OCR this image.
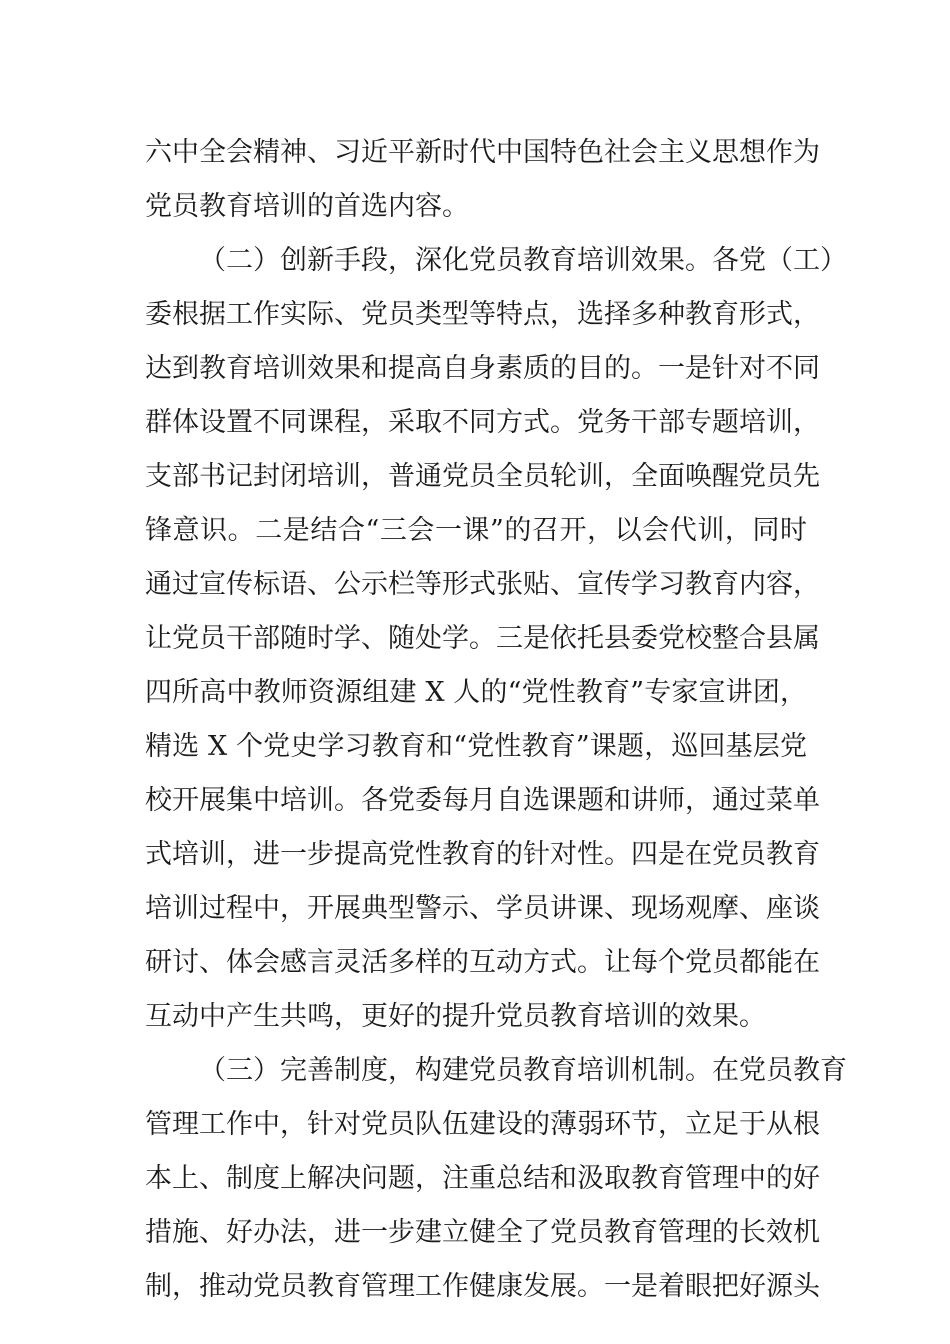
六中全会精神、习近平新时代中国特色社会主义思想作为
党员教育培训的首选内容。
（二）创新手段，深化党员教育培训效果。各党（工）
委根据工作实际、党员类型等特点，选择多种教育形式，
达到教育培训效果和提高自身素质的目的。一是针对不同
群体设置不同课程，采取不同方式。党务干部专题培训，
支部书记封闭培训，普通党员全员轮训，全面唤醒党员先
锋意识。二是结合“三会一课”的召开，以会代训，同时
通过宣传标语、公示栏等形式张贴、宣传学习教育内容，
让党员干部随时学、随处学。三是依托县委党校整合县属
四所高中教师资源组建 X 人的“党性教育”专家宣讲团，
精选 X 个党史学习教育和“党性教育”课题，巡回基层党
校开展集中培训。各党委每月自选课题和讲师，通过菜单
式培训，进一步提高党性教育的针对性。四是在党员教育
培训过程中，开展典型警示、学员讲课、现场观摩、座谈
研讨、体会感言灵活多样的互动方式。让每个党员都能在
互动中产生共鸣，更好的提升党员教育培训的效果。
（三）完善制度，构建党员教育培训机制。在党员教育
管理工作中，针对党员队伍建设的薄弱环节，立足于从根
本上、制度上解决问题，注重总结和汲取教育管理中的好
措施、好办法，进一步建立健全了党员教育管理的长效机
制，推动党员教育管理工作健康发展。一是着眼把好源头
